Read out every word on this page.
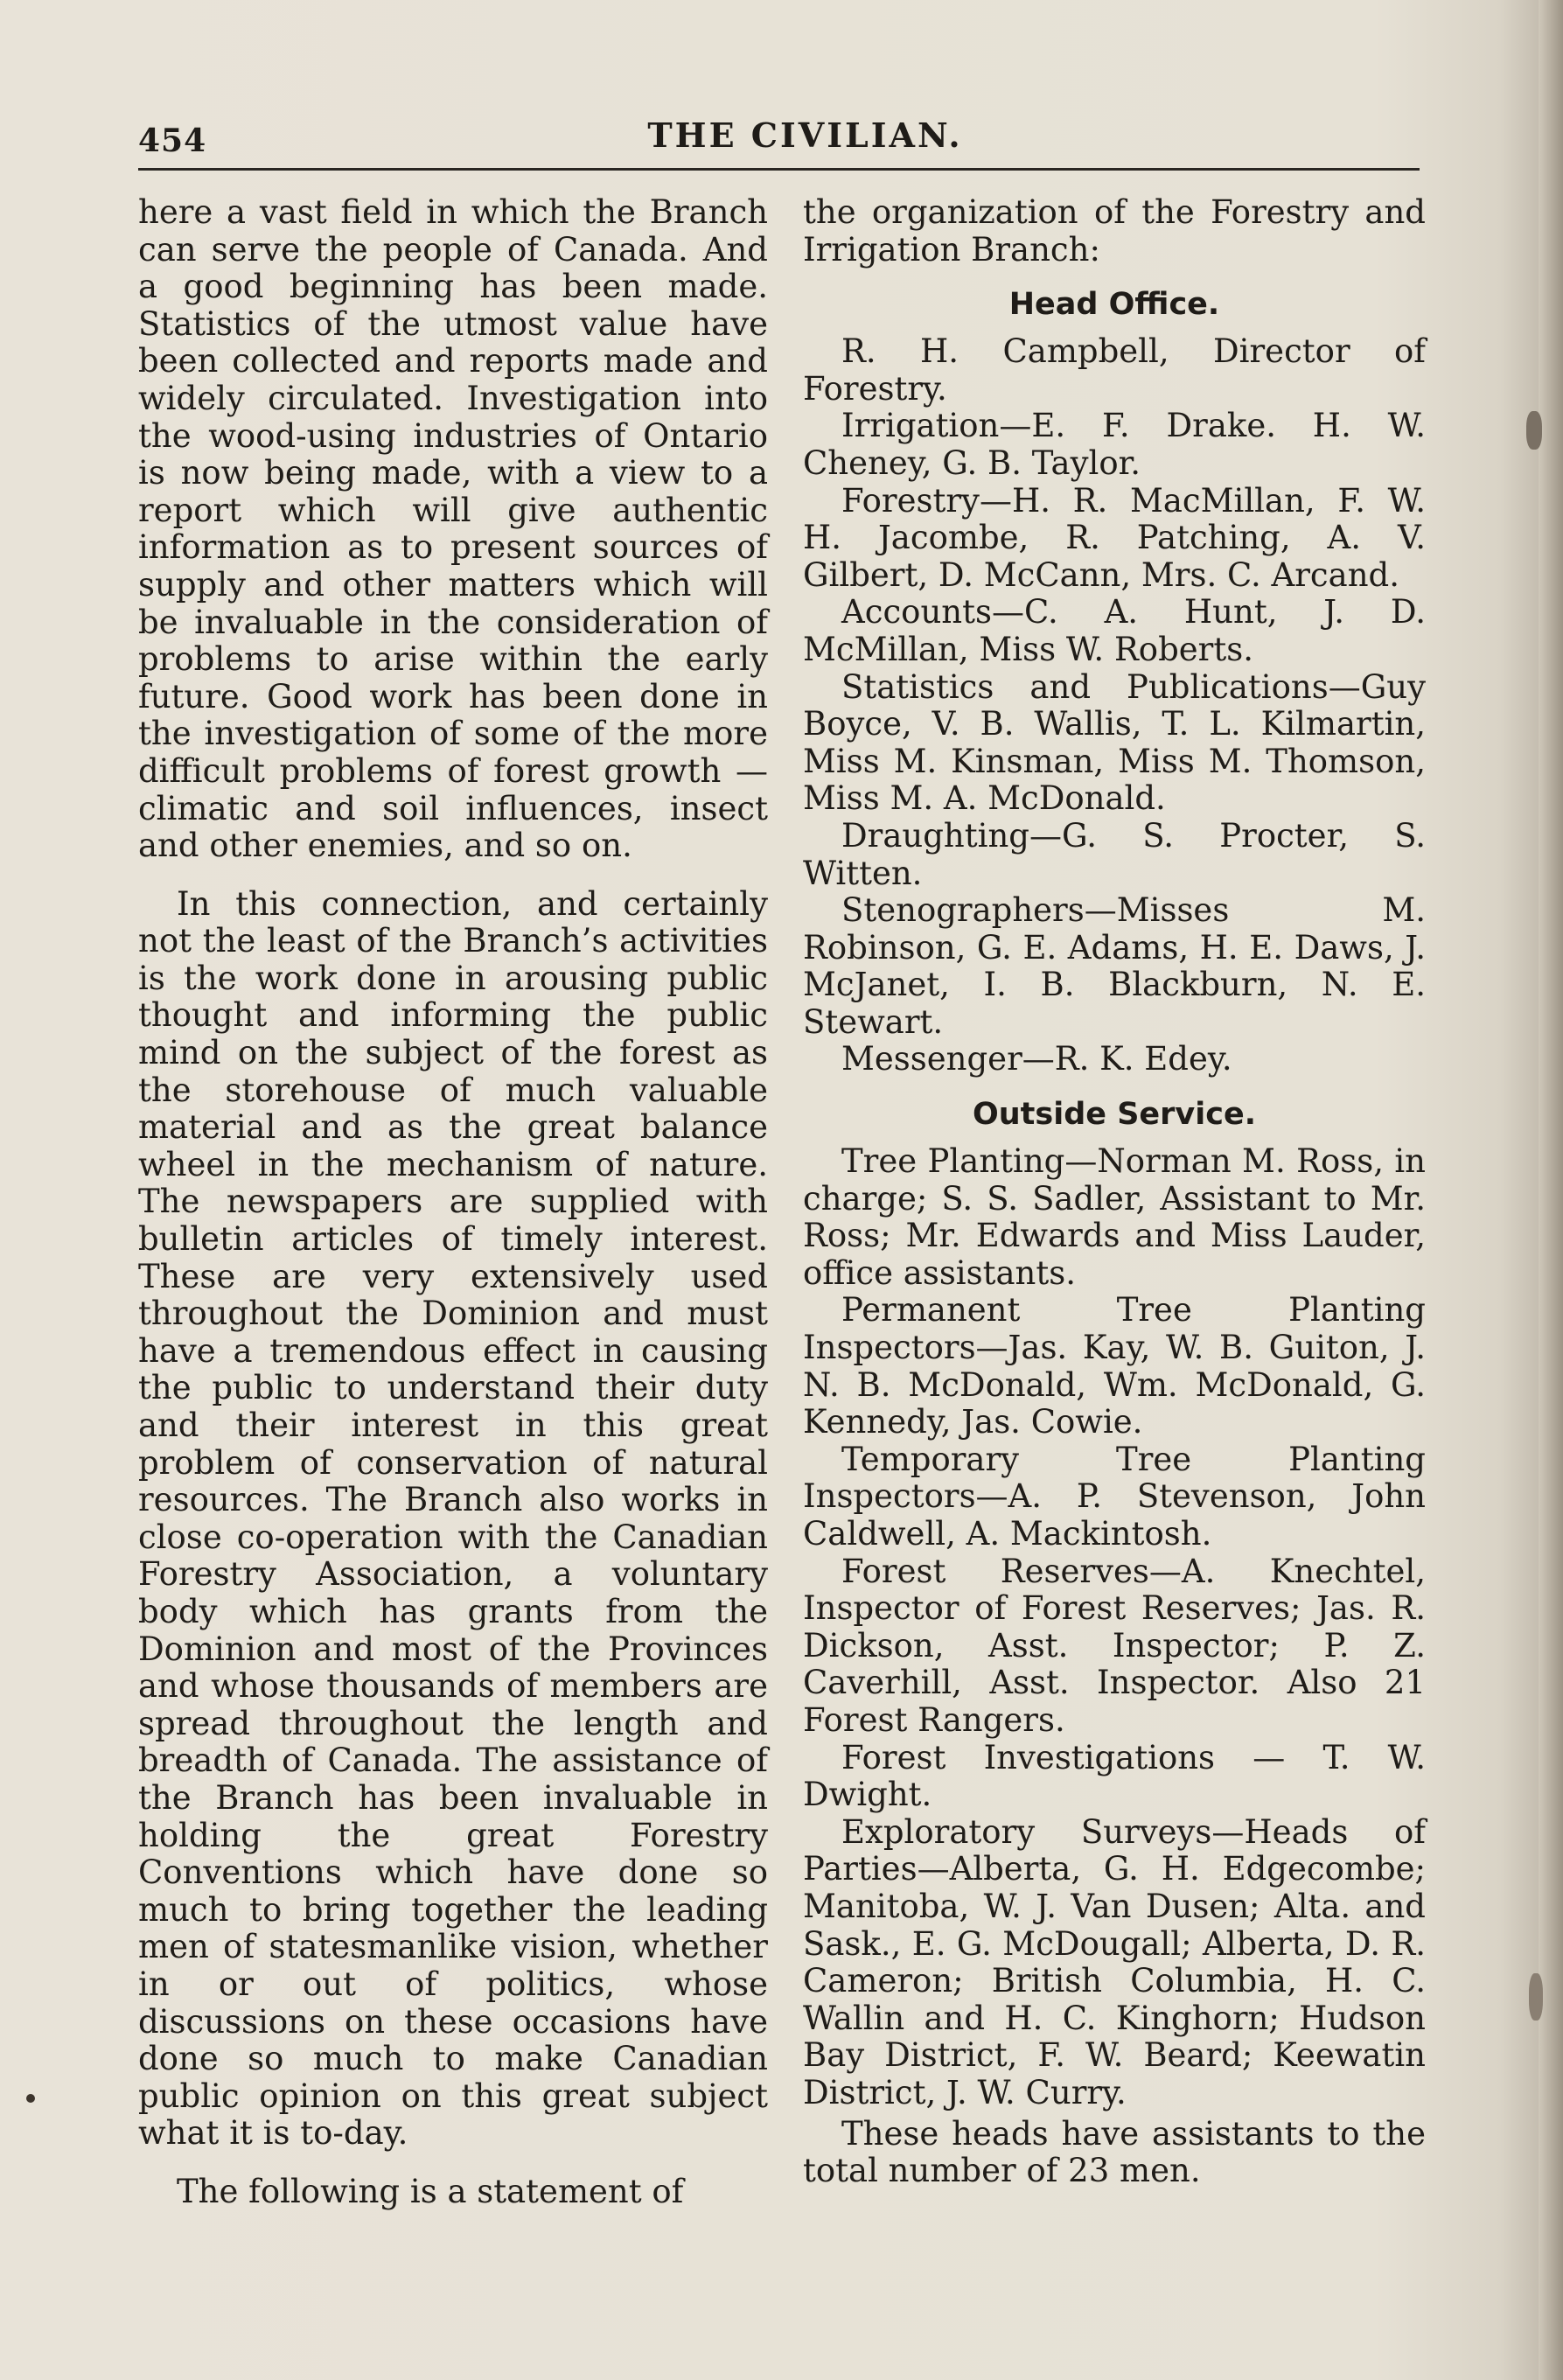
454	THE CIVILIAN.

here a vast field in which the Branch can serve the people of Canada. And a good beginning has been made. Statistics of the utmost value have been collected and reports made and widely circulated. Investigation into the wood-using industries of Ontario is now being made, with a view to a report which will give authentic information as to present sources of supply and other matters which will be invaluable in the consideration of problems to arise within the early future. Good work has been done in the investigation of some of the more difficult problems of forest growth — climatic and soil influences, insect and other enemies, and so on.

In this connection, and certainly not the least of the Branch’s activities is the work done in arousing public thought and informing the public mind on the subject of the forest as the storehouse of much valuable material and as the great balance wheel in the mechanism of nature. The newspapers are supplied with bulletin articles of timely interest. These are very extensively used throughout the Dominion and must have a tremendous effect in causing the public to understand their duty and their interest in this great problem of conservation of natural resources. The Branch also works in close co-operation with the Canadian Forestry Association, a voluntary body which has grants from the Dominion and most of the Provinces and whose thousands of members are spread throughout the length and breadth of Canada. The assistance of the Branch has been invaluable in holding the great Forestry Conventions which have done so much to bring together the leading men of statesmanlike vision, whether in or out of politics, whose discussions on these occasions have done so much to make Canadian public opinion on this great subject what it is to-day.

The following is a statement of

the organization of the Forestry and Irrigation Branch:

Head Office.

R. H. Campbell, Director of Forestry.

Irrigation—E. F. Drake. H. W. Cheney, G. B. Taylor.

Forestry—H. R. MacMillan, F. W. H. Jacombe, R. Patching, A. V. Gilbert, D. McCann, Mrs. C. Arcand.

Accounts—C. A. Hunt, J. D. McMillan, Miss W. Roberts.

Statistics and Publications—Guy Boyce, V. B. Wallis, T. L. Kilmartin, Miss M. Kinsman, Miss M. Thomson, Miss M. A. McDonald.

Draughting—G. S. Procter, S. Witten.

Stenographers—Misses M. Robinson, G. E. Adams, H. E. Daws, J. McJanet, I. B. Blackburn, N. E. Stewart.

Messenger—R. K. Edey.

Outside Service.

Tree Planting—Norman M. Ross, in charge; S. S. Sadler, Assistant to Mr. Ross; Mr. Edwards and Miss Lauder, office assistants.

Permanent Tree Planting Inspectors—Jas. Kay, W. B. Guiton, J. N. B. McDonald, Wm. McDonald, G. Kennedy, Jas. Cowie.

Temporary Tree Planting Inspectors—A. P. Stevenson, John Caldwell, A. Mackintosh.

Forest Reserves—A. Knechtel, Inspector of Forest Reserves; Jas. R. Dickson, Asst. Inspector; P. Z. Caverhill, Asst. Inspector. Also 21 Forest Rangers.

Forest Investigations — T. W. Dwight.

Exploratory Surveys—Heads of Parties—Alberta, G. H. Edgecombe; Manitoba, W. J. Van Dusen; Alta. and Sask., E. G. McDougall; Alberta, D. R. Cameron; British Columbia, H. C. Wallin and H. C. Kinghorn; Hudson Bay District, F. W. Beard; Keewatin District, J. W. Curry.

These heads have assistants to the total number of 23 men.
